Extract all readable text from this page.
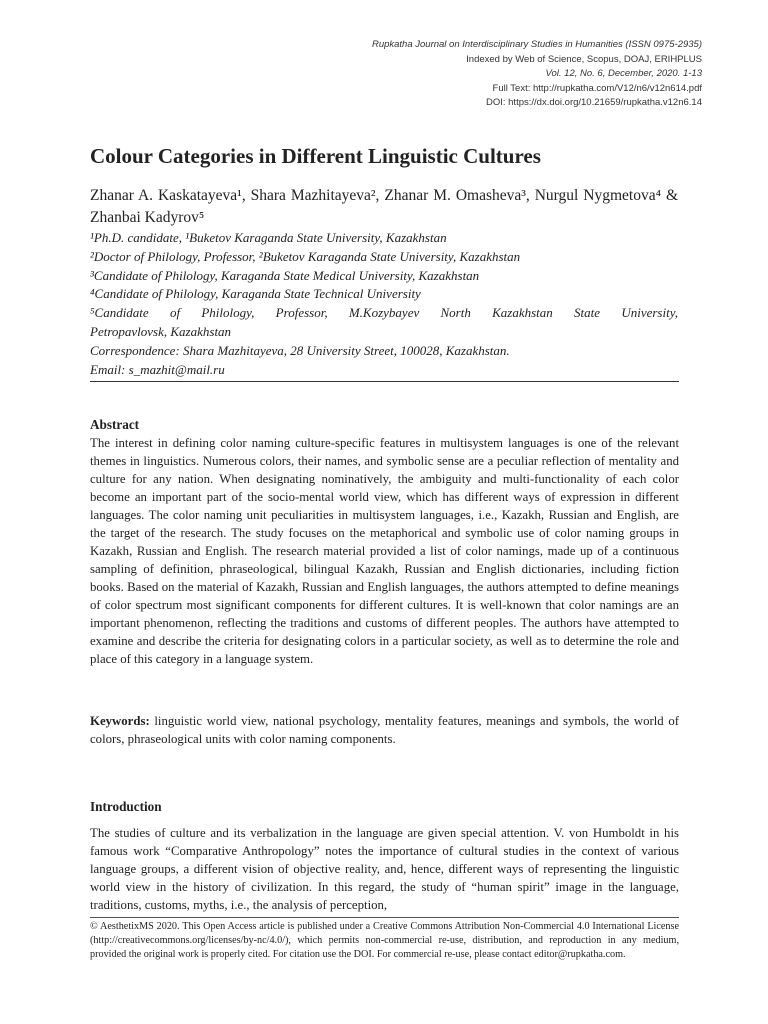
Rupkatha Journal on Interdisciplinary Studies in Humanities (ISSN 0975-2935)
Indexed by Web of Science, Scopus, DOAJ, ERIHPLUS
Vol. 12, No. 6, December, 2020. 1-13
Full Text: http://rupkatha.com/V12/n6/v12n614.pdf
DOI: https://dx.doi.org/10.21659/rupkatha.v12n6.14
Colour Categories in Different Linguistic Cultures
Zhanar A. Kaskatayeva¹, Shara Mazhitayeva², Zhanar M. Omasheva³, Nurgul Nygmetova⁴ & Zhanbai Kadyrov⁵
¹Ph.D. candidate, ¹Buketov Karaganda State University, Kazakhstan
²Doctor of Philology, Professor, ²Buketov Karaganda State University, Kazakhstan
³Candidate of Philology, Karaganda State Medical University, Kazakhstan
⁴Candidate of Philology, Karaganda State Technical University
⁵Candidate of Philology, Professor, M.Kozybayev North Kazakhstan State University,
Petropavlovsk, Kazakhstan
Correspondence: Shara Mazhitayeva, 28 University Street, 100028, Kazakhstan.
Email: s_mazhit@mail.ru
Abstract
The interest in defining color naming culture-specific features in multisystem languages is one of the relevant themes in linguistics. Numerous colors, their names, and symbolic sense are a peculiar reflection of mentality and culture for any nation. When designating nominatively, the ambiguity and multi-functionality of each color become an important part of the socio-mental world view, which has different ways of expression in different languages. The color naming unit peculiarities in multisystem languages, i.e., Kazakh, Russian and English, are the target of the research. The study focuses on the metaphorical and symbolic use of color naming groups in Kazakh, Russian and English. The research material provided a list of color namings, made up of a continuous sampling of definition, phraseological, bilingual Kazakh, Russian and English dictionaries, including fiction books. Based on the material of Kazakh, Russian and English languages, the authors attempted to define meanings of color spectrum most significant components for different cultures. It is well-known that color namings are an important phenomenon, reflecting the traditions and customs of different peoples. The authors have attempted to examine and describe the criteria for designating colors in a particular society, as well as to determine the role and place of this category in a language system.
Keywords: linguistic world view, national psychology, mentality features, meanings and symbols, the world of colors, phraseological units with color naming components.
Introduction
The studies of culture and its verbalization in the language are given special attention. V. von Humboldt in his famous work “Comparative Anthropology” notes the importance of cultural studies in the context of various language groups, a different vision of objective reality, and, hence, different ways of representing the linguistic world view in the history of civilization. In this regard, the study of “human spirit” image in the language, traditions, customs, myths, i.e., the analysis of perception,
© AesthetixMS 2020. This Open Access article is published under a Creative Commons Attribution Non-Commercial 4.0 International License (http://creativecommons.org/licenses/by-nc/4.0/), which permits non-commercial re-use, distribution, and reproduction in any medium, provided the original work is properly cited. For citation use the DOI. For commercial re-use, please contact editor@rupkatha.com.
